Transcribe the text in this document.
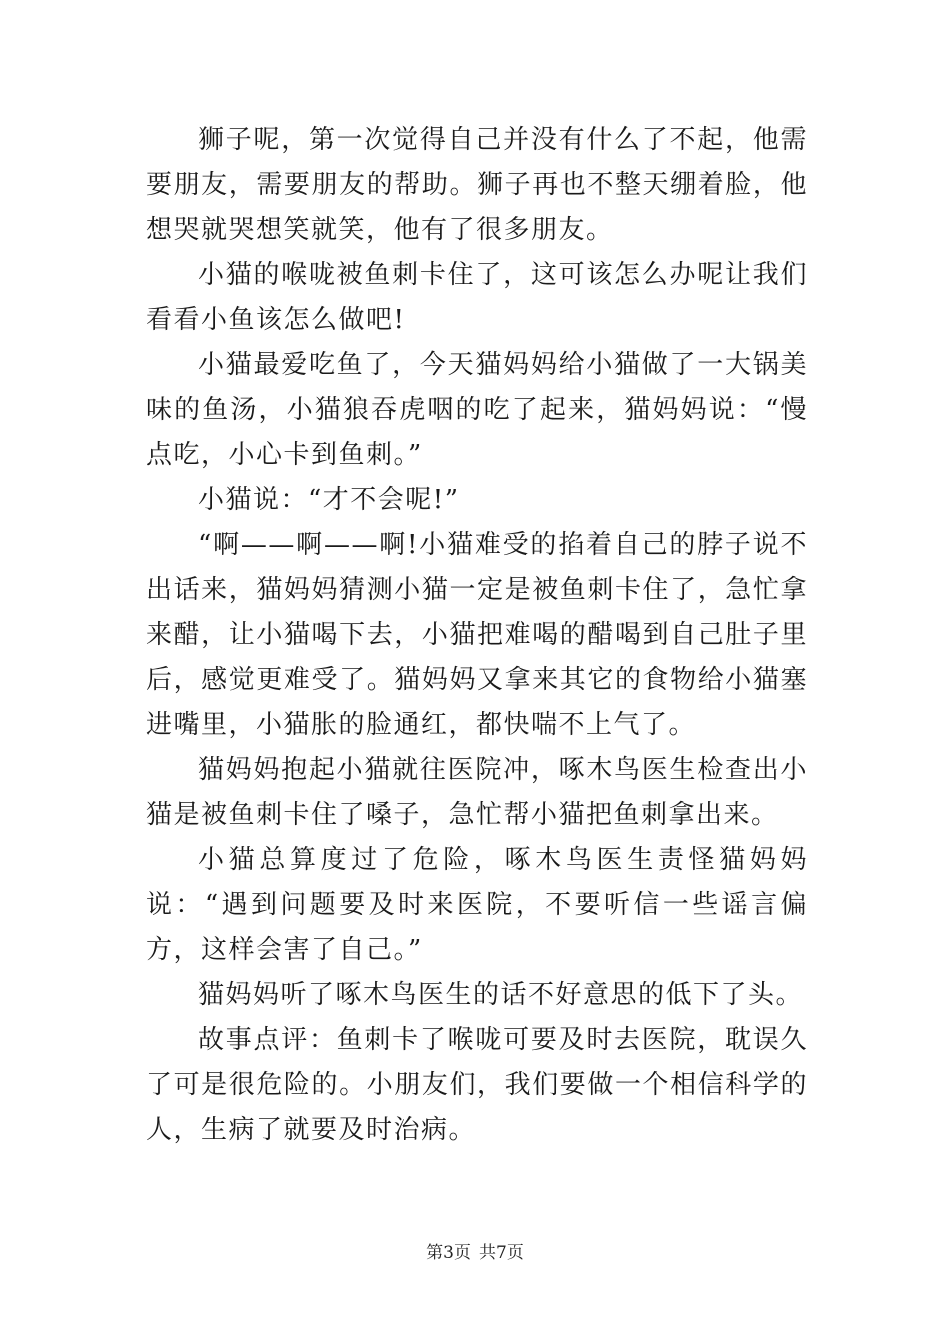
狮子呢，第一次觉得自己并没有什么了不起，他需要朋友，需要朋友的帮助。狮子再也不整天绷着脸，他想哭就哭想笑就笑，他有了很多朋友。

小猫的喉咙被鱼刺卡住了，这可该怎么办呢让我们看看小鱼该怎么做吧!

小猫最爱吃鱼了，今天猫妈妈给小猫做了一大锅美味的鱼汤，小猫狼吞虎咽的吃了起来，猫妈妈说：“慢点吃，小心卡到鱼刺。”

小猫说：“才不会呢!”

“啊——啊——啊!小猫难受的掐着自己的脖子说不出话来，猫妈妈猜测小猫一定是被鱼刺卡住了，急忙拿来醋，让小猫喝下去，小猫把难喝的醋喝到自己肚子里后，感觉更难受了。猫妈妈又拿来其它的食物给小猫塞进嘴里，小猫胀的脸通红，都快喘不上气了。

猫妈妈抱起小猫就往医院冲，啄木鸟医生检查出小猫是被鱼刺卡住了嗓子，急忙帮小猫把鱼刺拿出来。

小猫总算度过了危险，啄木鸟医生责怪猫妈妈说：“遇到问题要及时来医院，不要听信一些谣言偏方，这样会害了自己。”

猫妈妈听了啄木鸟医生的话不好意思的低下了头。

故事点评：鱼刺卡了喉咙可要及时去医院，耽误久了可是很危险的。小朋友们，我们要做一个相信科学的人，生病了就要及时治病。

第3页 共7页
